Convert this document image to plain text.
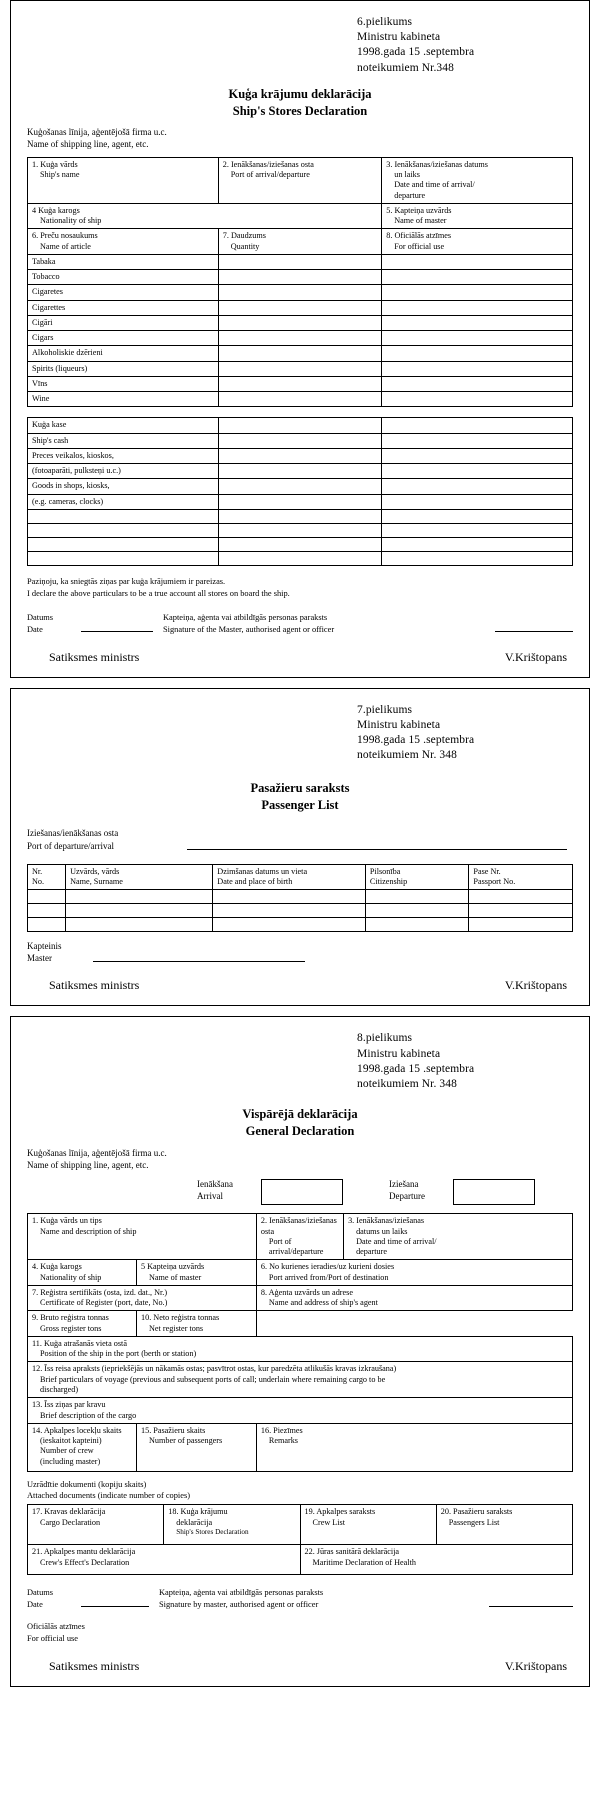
6.pielikums
Ministru kabineta
1998.gada 15 .septembra
noteikumiem Nr.348
Kuģa krājumu deklarācija
Ship's Stores Declaration
Kuģošanas līnija, aģentējošā firma u.c.
Name of shipping line, agent, etc.
1. Kuģa vārds
Ship's name	2. Ienākšanas/iziešanas osta
Port of arrival/departure	3. Ienākšanas/iziešanas datums
un laiks
Date and time of arrival/
departure

4 Kuģa karogs
Nationality of ship		5. Kapteiņa uzvārds
Name of master

6. Preču nosaukums
Name of article	7. Daudzums
Quantity	8. Oficiālās atzīmes
For official use

Tabaka		
Tobacco		
Cigaretes		
Cigarettes		
Cigāri		
Cigars		
Alkoholiskie dzērieni		
Spirits (liqueurs)		
Vīns		
Wine		
Kuģa kase		
Ship's cash		
Preces veikalos, kioskos,		
(fotoaparāti, pulksteņi u.c.)		
Goods in shops, kiosks,		
(e.g. cameras, clocks)		

Paziņoju, ka sniegtās ziņas par kuģa krājumiem ir pareizas.
I declare the above particulars to be a true account all stores on board the ship.
Datums
Date
Kapteiņa, aģenta vai atbildīgās personas paraksts
Signature of the Master, authorised agent or officer
Satiksmes ministrs	V.Krištopans
7.pielikums
Ministru kabineta
1998.gada 15 .septembra
noteikumiem Nr. 348
Pasažieru saraksts
Passenger List
Iziešanas/ienākšanas osta
Port of departure/arrival
Nr.
No.	Uzvārds, vārds
Name, Surname	Dzimšanas datums un vieta
Date and place of birth	Pilsonība
Citizenship	Pase Nr.
Passport No.

Kapteinis
Master
Satiksmes ministrs	V.Krištopans
8.pielikums
Ministru kabineta
1998.gada 15 .septembra
noteikumiem Nr. 348
Vispārējā deklarācija
General Declaration
Kuģošanas līnija, aģentējošā firma u.c.
Name of shipping line, agent, etc.
Ienākšana
Arrival
Iziešana
Departure
1. Kuģa vārds un tips
Name and description of ship		2. Ienākšanas/iziešanas osta
Port of arrival/departure	3. Ienākšanas/iziešanas
datums un laiks
Date and time of arrival/
departure

4. Kuģa karogs
Nationality of ship	5 Kapteiņa uzvārds
Name of master	6. No kurienes ieradies/uz kurieni dosies
Port arrived from/Port of destination	

7. Reģistra sertifikāts (osta, izd. dat., Nr.)
Certificate of Register (port, date, No.)		8. Aģenta uzvārds un adrese
Name and address of ship's agent	

9. Bruto reģistra tonnas
Gross register tons	10. Neto reģistra tonnas
Net register tons		

11. Kuģa atrašanās vieta ostā
Position of the ship in the port (berth or station)			

12. Īss reisa apraksts (iepriekšējās un nākamās ostas; pasvītrot ostas, kur paredzēta atlikušās kravas izkraušana)
Brief particulars of voyage (previous and subsequent ports of call; underlain where remaining cargo to be
discharged)			

13. Īss ziņas par kravu
Brief description of the cargo			

14. Apkalpes locekļu skaits
(ieskaitot kapteini)
Number of crew
(including master)	15. Pasažieru skaits
Number of passengers	16. Piezīmes
Remarks	
Uzrādītie dokumenti (kopiju skaits)
Attached documents (indicate number of copies)
17. Kravas deklarācija
Cargo Declaration	18. Kuģa krājumu
deklarācija
Ship's Stores Declaration	19. Apkalpes saraksts
Crew List	20. Pasažieru saraksts
Passengers List

21. Apkalpes mantu deklarācija
Crew's Effect's Declaration		22. Jūras sanitārā deklarācija
Maritime Declaration of Health	
Datums
Date
Kapteiņa, aģenta vai atbildīgās personas paraksts
Signature by master, authorised agent or officer
Oficiālās atzīmes
For official use
Satiksmes ministrs	V.Krištopans
